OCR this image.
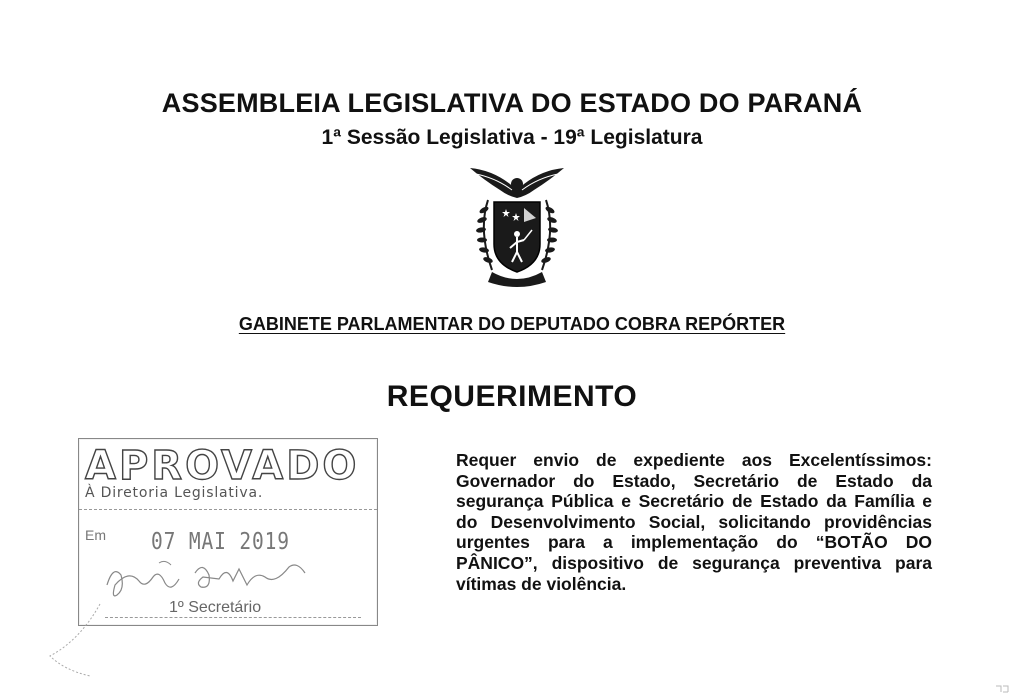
ASSEMBLEIA LEGISLATIVA DO ESTADO DO PARANÁ
1ª Sessão Legislativa - 19ª Legislatura
GABINETE PARLAMENTAR DO DEPUTADO COBRA REPÓRTER
REQUERIMENTO
APROVADO
À Diretoria Legislativa.
Em 07 MAI 2019
1º Secretário
Requer envio de expediente aos Excelentíssimos: Governador do Estado, Secretário de Estado da segurança Pública e Secretário de Estado da Família e do Desenvolvimento Social, solicitando providências urgentes para a implementação do “BOTÃO DO PÂNICO”, dispositivo de segurança preventiva para vítimas de violência.
